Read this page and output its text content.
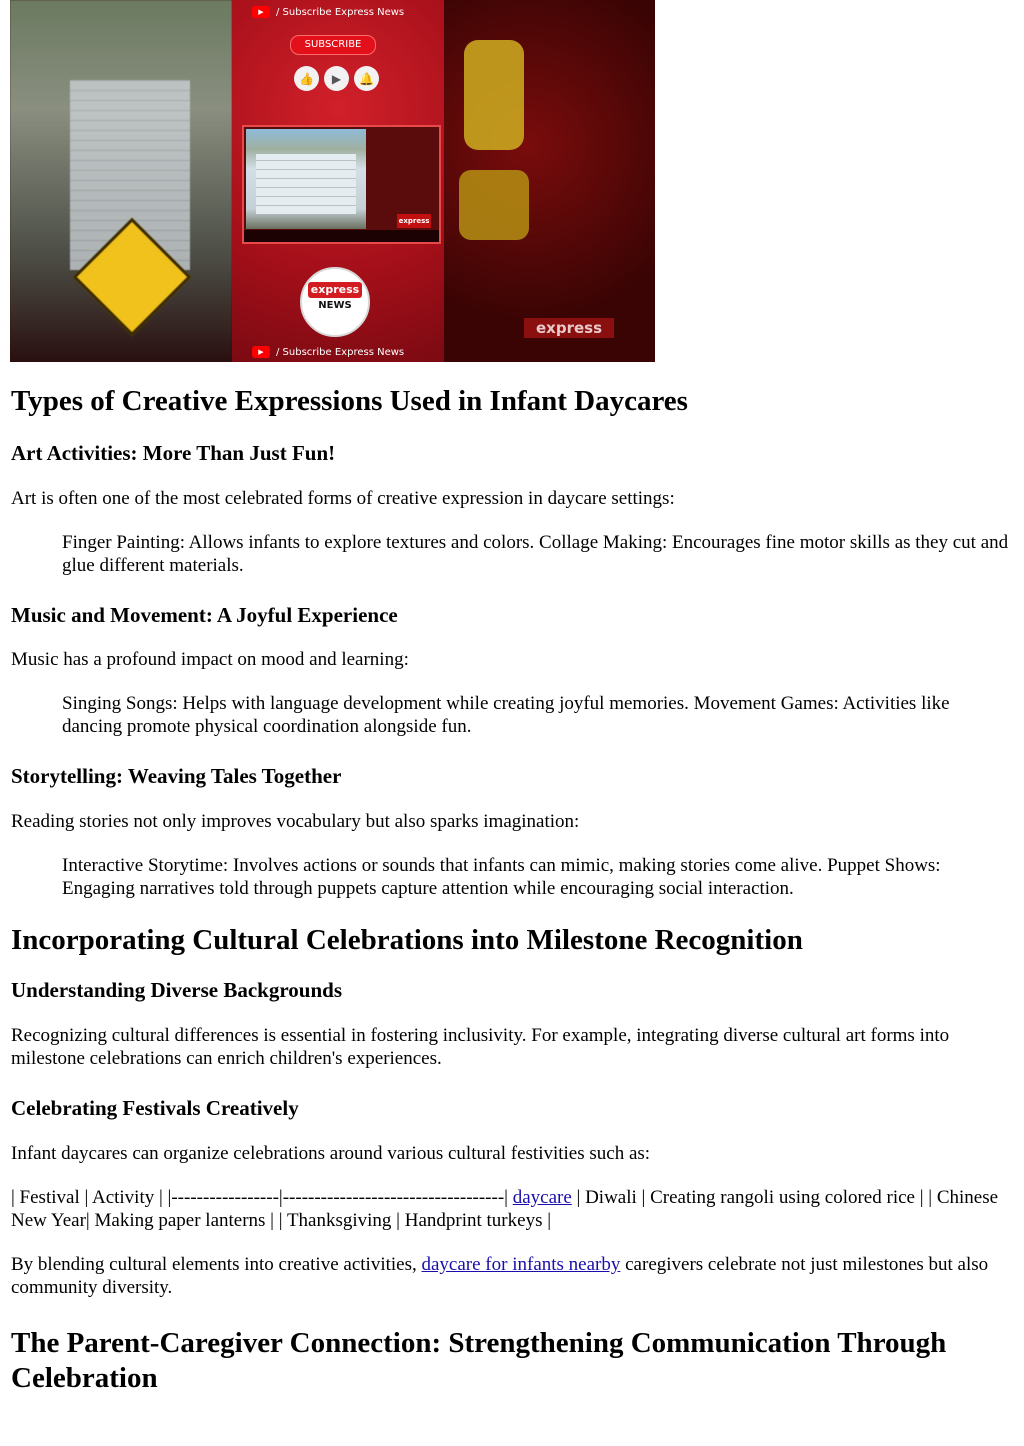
▶	/ Subscribe Express News
SUBSCRIBE
👍	▶	🔔
express
express
NEWS
▶	/ Subscribe Express News
express
Types of Creative Expressions Used in Infant Daycares
Art Activities: More Than Just Fun!

Art is often one of the most celebrated forms of creative expression in daycare settings:

Finger Painting: Allows infants to explore textures and colors. Collage Making: Encourages fine motor skills as they cut and glue different materials.

Music and Movement: A Joyful Experience

Music has a profound impact on mood and learning:

Singing Songs: Helps with language development while creating joyful memories. Movement Games: Activities like dancing promote physical coordination alongside fun.

Storytelling: Weaving Tales Together

Reading stories not only improves vocabulary but also sparks imagination:

Interactive Storytime: Involves actions or sounds that infants can mimic, making stories come alive. Puppet Shows: Engaging narratives told through puppets capture attention while encouraging social interaction.

Incorporating Cultural Celebrations into Milestone Recognition
Understanding Diverse Backgrounds

Recognizing cultural differences is essential in fostering inclusivity. For example, integrating diverse cultural art forms into milestone celebrations can enrich children's experiences.

Celebrating Festivals Creatively

Infant daycares can organize celebrations around various cultural festivities such as:

| Festival | Activity | |-----------------|-----------------------------------| daycare | Diwali | Creating rangoli using colored rice | | Chinese New Year| Making paper lanterns | | Thanksgiving | Handprint turkeys |

By blending cultural elements into creative activities, daycare for infants nearby caregivers celebrate not just milestones but also community diversity.

The Parent-Caregiver Connection: Strengthening Communication Through Celebration
